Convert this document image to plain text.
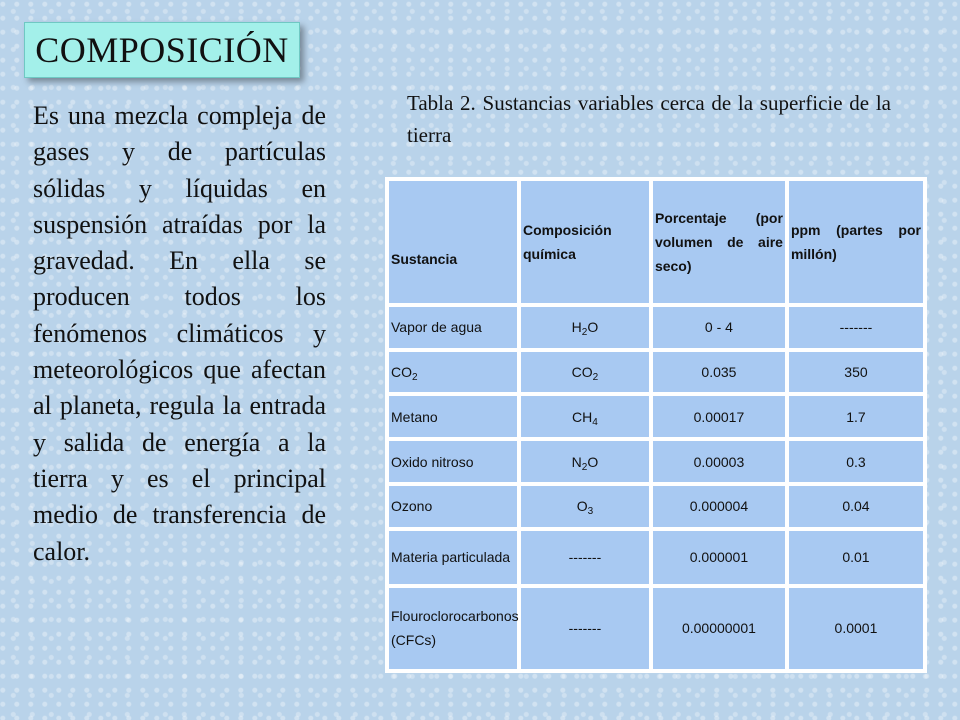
COMPOSICIÓN
Es una mezcla compleja de gases y de partículas sólidas y líquidas en suspensión atraídas por la gravedad. En ella se producen todos los fenómenos climáticos y meteorológicos que afectan al planeta, regula la entrada y salida de energía a la tierra y es el principal medio de transferencia de calor.
Tabla 2. Sustancias variables cerca de la superficie de la tierra
Sustancia	Composición química	Porcentaje (por volumen de aire seco)	ppm (partes por millón)
Vapor de agua	$H_2O$	0 - 4	-------
$CO_2$	$CO_2$	0.035	350
Metano	$CH_4$	0.00017	1.7
Oxido nitroso	$N_2O$	0.00003	0.3
Ozono	$O_3$	0.000004	0.04
Materia particulada	-------	0.000001	0.01
Flouroclorocarbonos (CFCs)	-------	0.00000001	0.0001
